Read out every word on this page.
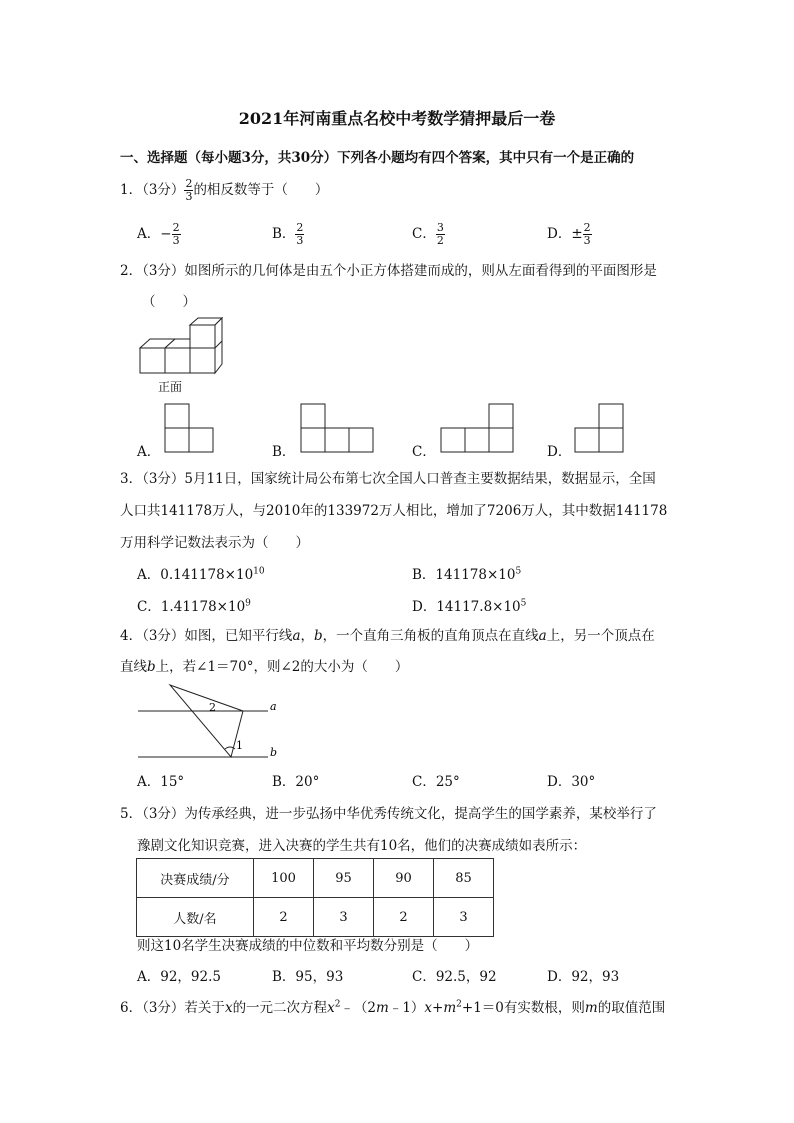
2021年河南重点名校中考数学猜押最后一卷
一、选择题（每小题3分，共30分）下列各小题均有四个答案，其中只有一个是正确的
1．（3分） $\frac{2}{3}$ 的相反数等于（　　）
A．− $\frac{2}{3}$	B． $\frac{2}{3}$	C． $\frac{3}{2}$	D．± $\frac{2}{3}$
2．（3分）如图所示的几何体是由五个小正方体搭建而成的，则从左面看得到的平面图形是
（　　）
正面
A．	B．	C．	D．
3．（3分）5月11日，国家统计局公布第七次全国人口普查主要数据结果，数据显示，全国
人口共141178万人，与2010年的133972万人相比，增加了7206万人，其中数据141178
万用科学记数法表示为（　　）
A．$0.141178\times 10^{10}$	B．$141178\times 10^5$
C．$1.41178\times 10^9$	D．$14117.8\times 10^5$
4．（3分）如图，已知平行线a，b，一个直角三角板的直角顶点在直线a上，另一个顶点在
直线b上，若∠1＝70°，则∠2的大小为（　　）
a
b
1
2
A．15°	B．20°	C．25°	D．30°
5．（3分）为传承经典，进一步弘扬中华优秀传统文化，提高学生的国学素养，某校举行了
豫剧文化知识竞赛，进入决赛的学生共有10名，他们的决赛成绩如表所示：
决赛成绩/分	100	95	90	85
人数/名	2	3	2	3
则这10名学生决赛成绩的中位数和平均数分别是（　　）
A．92，92.5	B．95，93	C．92.5，92	D．92，93
6．（3分）若关于x的一元二次方程$x^2﹣(2m﹣1)x+m^2+1=0$有实数根，则m的取值范围
